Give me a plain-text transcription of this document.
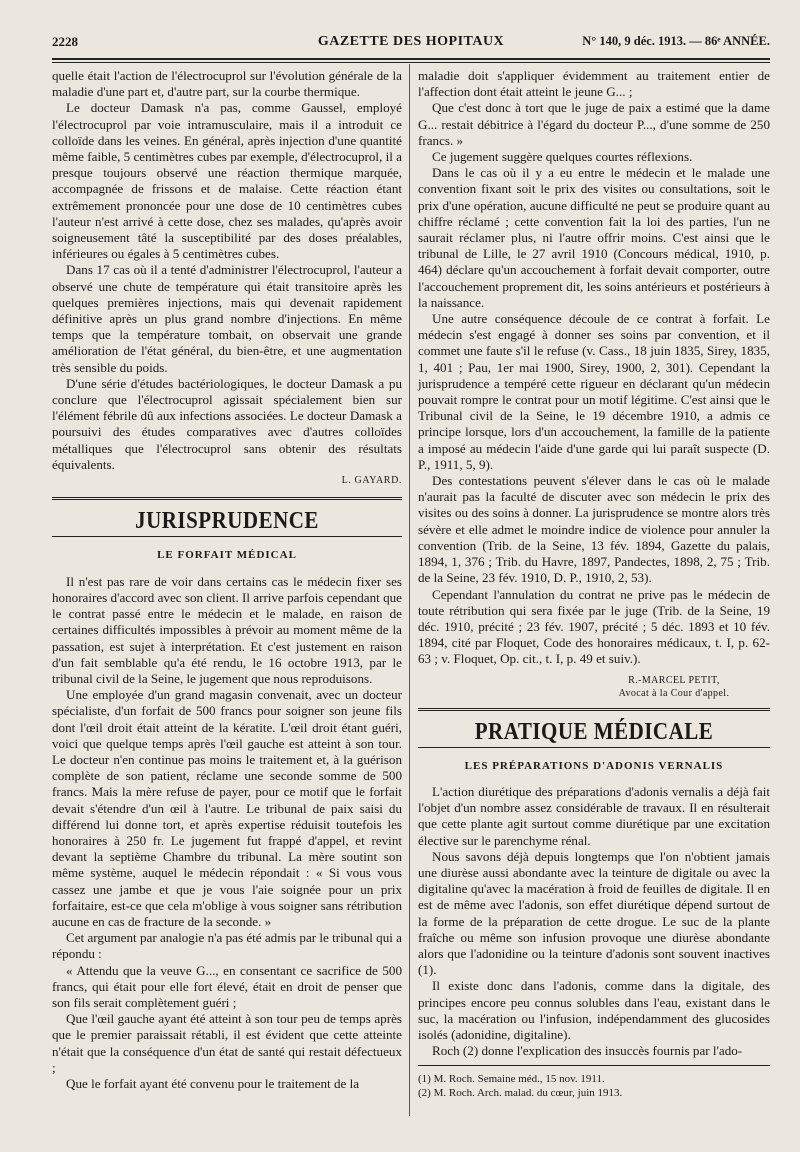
2228	GAZETTE DES HOPITAUX	N° 140, 9 déc. 1913. — 86ᵉ ANNÉE.

quelle était l'action de l'électrocuprol sur l'évolution générale de la maladie d'une part et, d'autre part, sur la courbe thermique.

Le docteur Damask n'a pas, comme Gaussel, employé l'électrocuprol par voie intramusculaire, mais il a introduit ce colloïde dans les veines. En général, après injection d'une quantité même faible, 5 centimètres cubes par exemple, d'électrocuprol, il a presque toujours observé une réaction thermique marquée, accompagnée de frissons et de malaise. Cette réaction étant extrêmement prononcée pour une dose de 10 centimètres cubes l'auteur n'est arrivé à cette dose, chez ses malades, qu'après avoir soigneusement tâté la susceptibilité par des doses préalables, inférieures ou égales à 5 centimètres cubes.

Dans 17 cas où il a tenté d'administrer l'électrocuprol, l'auteur a observé une chute de température qui était transitoire après les quelques premières injections, mais qui devenait rapidement définitive après un plus grand nombre d'injections. En même temps que la température tombait, on observait une grande amélioration de l'état général, du bien-être, et une augmentation très sensible du poids.

D'une série d'études bactériologiques, le docteur Damask a pu conclure que l'électrocuprol agissait spécialement bien sur l'élément fébrile dû aux infections associées. Le docteur Damask a poursuivi des études comparatives avec d'autres colloïdes métalliques que l'électrocuprol sans obtenir des résultats équivalents.

L. GAYARD.
JURISPRUDENCE
LE FORFAIT MÉDICAL

Il n'est pas rare de voir dans certains cas le médecin fixer ses honoraires d'accord avec son client. Il arrive parfois cependant que le contrat passé entre le médecin et le malade, en raison de certaines difficultés impossibles à prévoir au moment même de la passation, est sujet à interprétation. Et c'est justement en raison d'un fait semblable qu'a été rendu, le 16 octobre 1913, par le tribunal civil de la Seine, le jugement que nous reproduisons.

Une employée d'un grand magasin convenait, avec un docteur spécialiste, d'un forfait de 500 francs pour soigner son jeune fils dont l'œil droit était atteint de la kératite. L'œil droit étant guéri, voici que quelque temps après l'œil gauche est atteint à son tour. Le docteur n'en continue pas moins le traitement et, à la guérison complète de son patient, réclame une seconde somme de 500 francs. Mais la mère refuse de payer, pour ce motif que le forfait devait s'étendre d'un œil à l'autre. Le tribunal de paix saisi du différend lui donne tort, et après expertise réduisit toutefois les honoraires à 250 fr. Le jugement fut frappé d'appel, et revint devant la septième Chambre du tribunal. La mère soutint son même système, auquel le médecin répondait : « Si vous vous cassez une jambe et que je vous l'aie soignée pour un prix forfaitaire, est-ce que cela m'oblige à vous soigner sans rétribution aucune en cas de fracture de la seconde. »

Cet argument par analogie n'a pas été admis par le tribunal qui a répondu :

« Attendu que la veuve G..., en consentant ce sacrifice de 500 francs, qui était pour elle fort élevé, était en droit de penser que son fils serait complètement guéri ;

Que l'œil gauche ayant été atteint à son tour peu de temps après que le premier paraissait rétabli, il est évident que cette atteinte n'était que la conséquence d'un état de santé qui restait défectueux ;

Que le forfait ayant été convenu pour le traitement de la

maladie doit s'appliquer évidemment au traitement entier de l'affection dont était atteint le jeune G... ;

Que c'est donc à tort que le juge de paix a estimé que la dame G... restait débitrice à l'égard du docteur P..., d'une somme de 250 francs. »

Ce jugement suggère quelques courtes réflexions.

Dans le cas où il y a eu entre le médecin et le malade une convention fixant soit le prix des visites ou consultations, soit le prix d'une opération, aucune difficulté ne peut se produire quant au chiffre réclamé ; cette convention fait la loi des parties, l'un ne saurait réclamer plus, ni l'autre offrir moins. C'est ainsi que le tribunal de Lille, le 27 avril 1910 (Concours médical, 1910, p. 464) déclare qu'un accouchement à forfait devait comporter, outre l'accouchement proprement dit, les soins antérieurs et postérieurs à la naissance.

Une autre conséquence découle de ce contrat à forfait. Le médecin s'est engagé à donner ses soins par convention, et il commet une faute s'il le refuse (v. Cass., 18 juin 1835, Sirey, 1835, 1, 401 ; Pau, 1er mai 1900, Sirey, 1900, 2, 301). Cependant la jurisprudence a tempéré cette rigueur en déclarant qu'un médecin pouvait rompre le contrat pour un motif légitime. C'est ainsi que le Tribunal civil de la Seine, le 19 décembre 1910, a admis ce principe lorsque, lors d'un accouchement, la famille de la patiente a imposé au médecin l'aide d'une garde qui lui paraît suspecte (D. P., 1911, 5, 9).

Des contestations peuvent s'élever dans le cas où le malade n'aurait pas la faculté de discuter avec son médecin le prix des visites ou des soins à donner. La jurisprudence se montre alors très sévère et elle admet le moindre indice de violence pour annuler la convention (Trib. de la Seine, 13 fév. 1894, Gazette du palais, 1894, 1, 376 ; Trib. du Havre, 1897, Pandectes, 1898, 2, 75 ; Trib. de la Seine, 23 fév. 1910, D. P., 1910, 2, 53).

Cependant l'annulation du contrat ne prive pas le médecin de toute rétribution qui sera fixée par le juge (Trib. de la Seine, 19 déc. 1910, précité ; 23 fév. 1907, précité ; 5 déc. 1893 et 10 fév. 1894, cité par Floquet, Code des honoraires médicaux, t. I, p. 62-63 ; v. Floquet, Op. cit., t. I, p. 49 et suiv.).

R.-MARCEL PETIT,
Avocat à la Cour d'appel.
PRATIQUE MÉDICALE
LES PRÉPARATIONS D'ADONIS VERNALIS

L'action diurétique des préparations d'adonis vernalis a déjà fait l'objet d'un nombre assez considérable de travaux. Il en résulterait que cette plante agit surtout comme diurétique par une excitation élective sur le parenchyme rénal.

Nous savons déjà depuis longtemps que l'on n'obtient jamais une diurèse aussi abondante avec la teinture de digitale ou avec la digitaline qu'avec la macération à froid de feuilles de digitale. Il en est de même avec l'adonis, son effet diurétique dépend surtout de la forme de la préparation de cette drogue. Le suc de la plante fraîche ou même son infusion provoque une diurèse abondante alors que l'adonidine ou la teinture d'adonis sont souvent inactives (1).

Il existe donc dans l'adonis, comme dans la digitale, des principes encore peu connus solubles dans l'eau, existant dans le suc, la macération ou l'infusion, indépendamment des glucosides isolés (adonidine, digitaline).

Roch (2) donne l'explication des insuccès fournis par l'ado-

(1) M. Roch. Semaine méd., 15 nov. 1911.

(2) M. Roch. Arch. malad. du cœur, juin 1913.
